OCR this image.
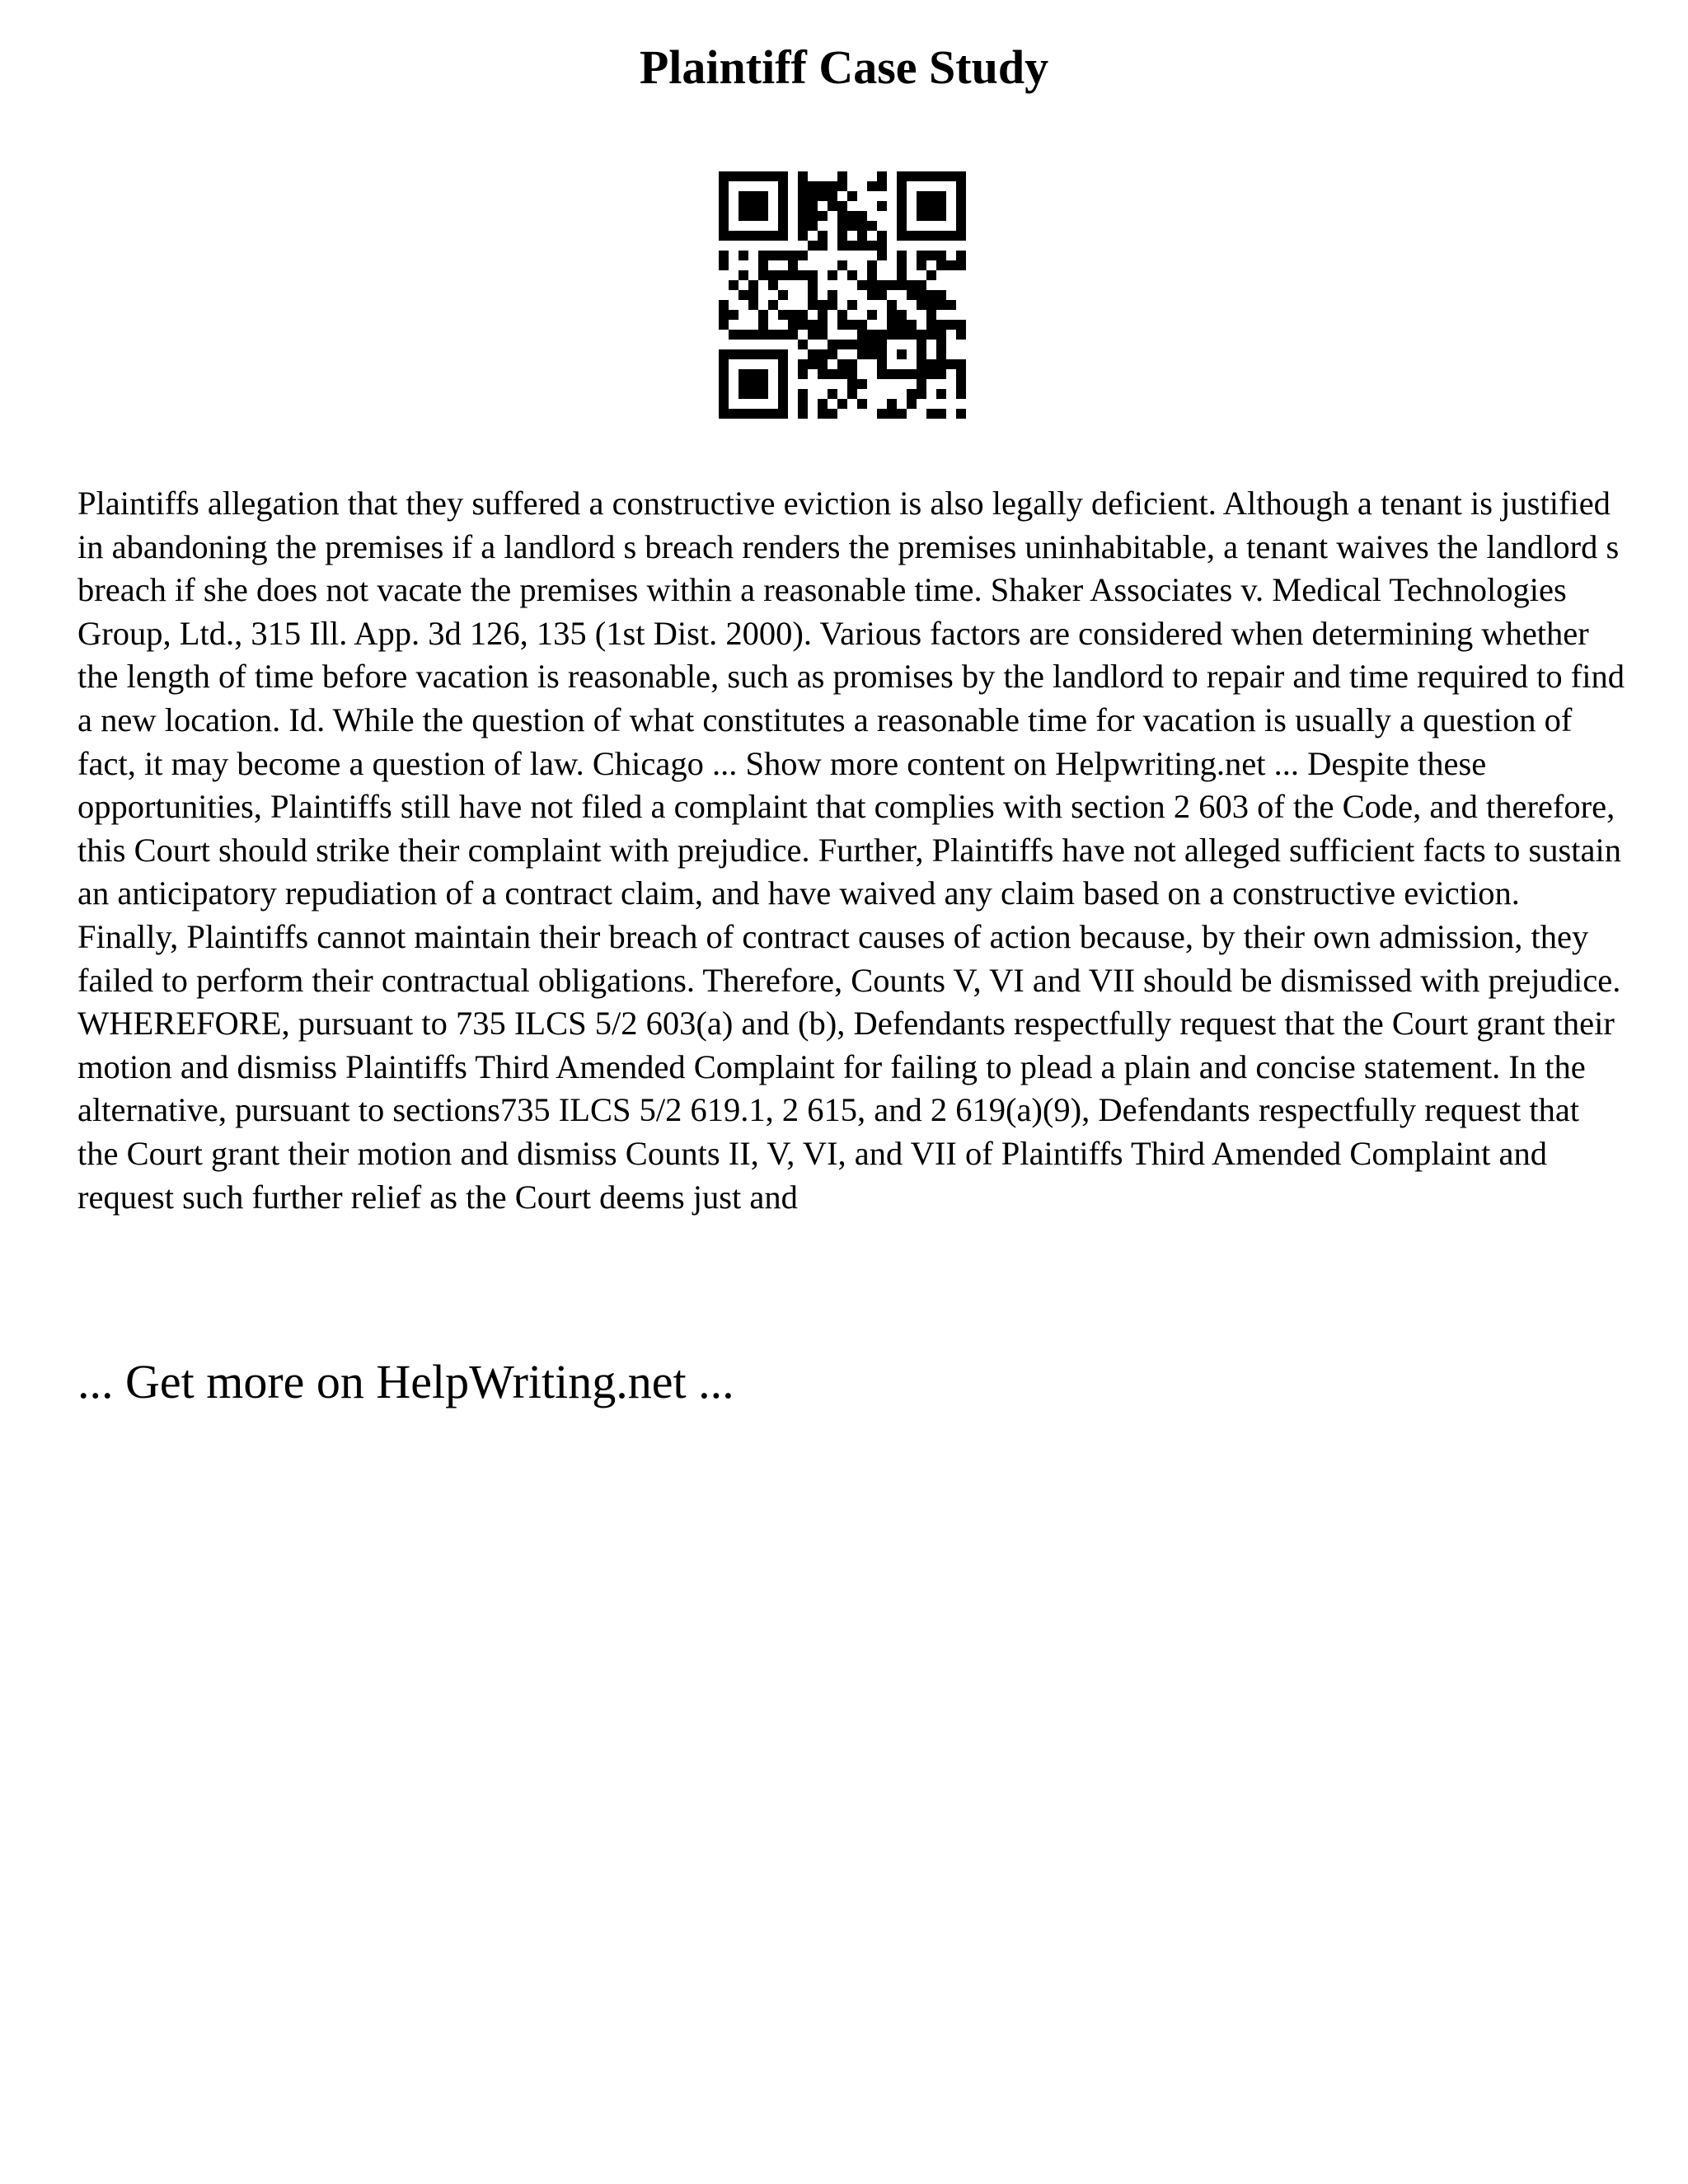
Plaintiff Case Study

Plaintiffs allegation that they suffered a constructive eviction is also legally deficient. Although a tenant is justified in abandoning the premises if a landlord s breach renders the premises uninhabitable, a tenant waives the landlord s breach if she does not vacate the premises within a reasonable time. Shaker Associates v. Medical Technologies Group, Ltd., 315 Ill. App. 3d 126, 135 (1st Dist. 2000). Various factors are considered when determining whether the length of time before vacation is reasonable, such as promises by the landlord to repair and time required to find a new location. Id. While the question of what constitutes a reasonable time for vacation is usually a question of fact, it may become a question of law. Chicago ... Show more content on Helpwriting.net ... Despite these opportunities, Plaintiffs still have not filed a complaint that complies with section 2 603 of the Code, and therefore, this Court should strike their complaint with prejudice. Further, Plaintiffs have not alleged sufficient facts to sustain an anticipatory repudiation of a contract claim, and have waived any claim based on a constructive eviction. Finally, Plaintiffs cannot maintain their breach of contract causes of action because, by their own admission, they failed to perform their contractual obligations. Therefore, Counts V, VI and VII should be dismissed with prejudice. WHEREFORE, pursuant to 735 ILCS 5/2 603(a) and (b), Defendants respectfully request that the Court grant their motion and dismiss Plaintiffs Third Amended Complaint for failing to plead a plain and concise statement. In the alternative, pursuant to sections735 ILCS 5/2 619.1, 2 615, and 2 619(a)(9), Defendants respectfully request that the Court grant their motion and dismiss Counts II, V, VI, and VII of Plaintiffs Third Amended Complaint and request such further relief as the Court deems just and

... Get more on HelpWriting.net ...
